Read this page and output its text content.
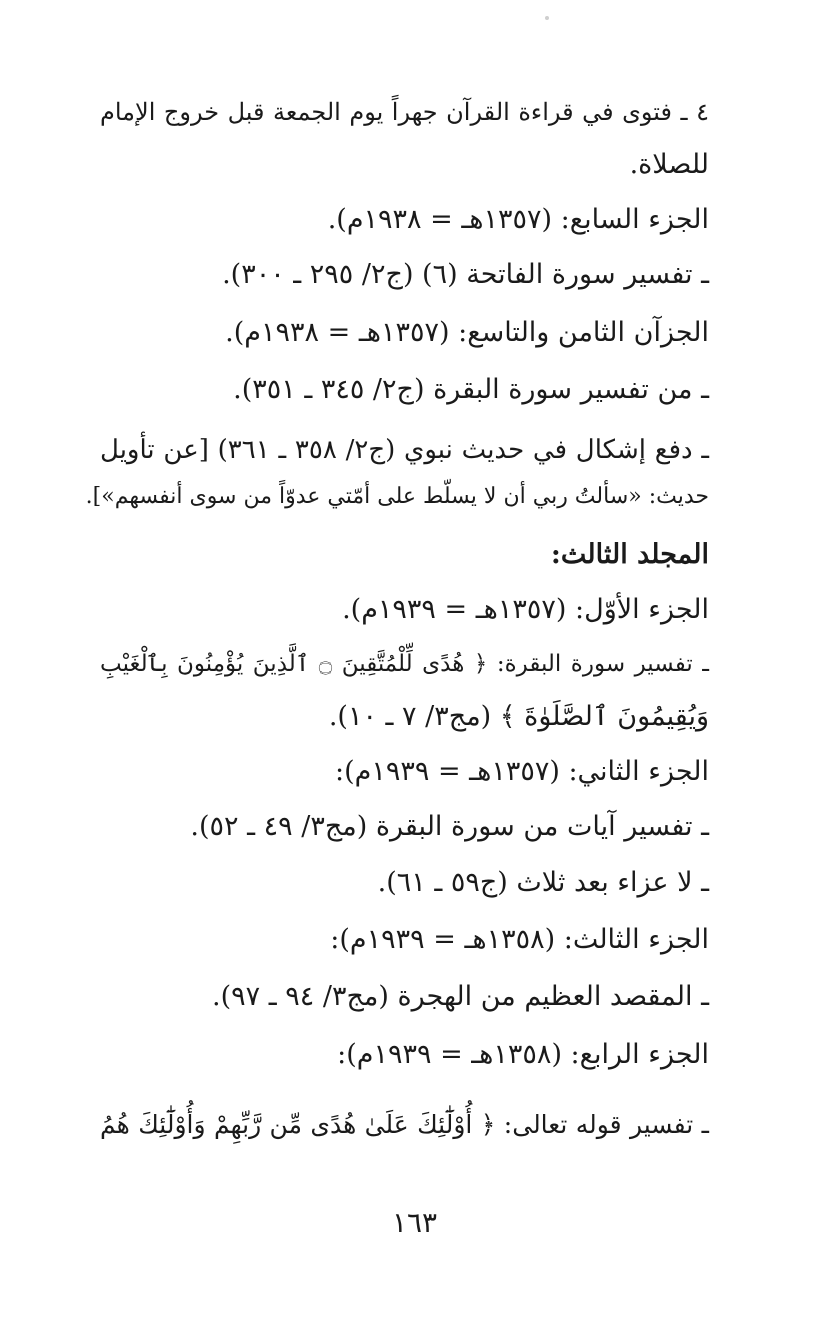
٤ ـ فتوى في قراءة القرآن جهراً يوم الجمعة قبل خروج الإمام
للصلاة.
الجزء السابع: (١٣٥٧هـ = ١٩٣٨م).
ـ تفسير سورة الفاتحة (٦) (ج٢/ ٢٩٥ ـ ٣٠٠).
الجزآن الثامن والتاسع: (١٣٥٧هـ = ١٩٣٨م).
ـ من تفسير سورة البقرة (ج٢/ ٣٤٥ ـ ٣٥١).
ـ دفع إشكال في حديث نبوي (ج٢/ ٣٥٨ ـ ٣٦١) [عن تأويل
حديث: «سألتُ ربي أن لا يسلّط على أمّتي عدوّاً من سوى أنفسهم»].
المجلد الثالث:
الجزء الأوّل: (١٣٥٧هـ = ١٩٣٩م).
ـ تفسير سورة البقرة: ﴿ هُدًى لِّلْمُتَّقِينَ ۝ ٱلَّذِينَ يُؤْمِنُونَ بِٱلْغَيْبِ
وَيُقِيمُونَ ٱلصَّلَوٰةَ ﴾ (مج٣/ ٧ ـ ١٠).
الجزء الثاني: (١٣٥٧هـ = ١٩٣٩م):
ـ تفسير آيات من سورة البقرة (مج٣/ ٤٩ ـ ٥٢).
ـ لا عزاء بعد ثلاث (ج٥٩ ـ ٦١).
الجزء الثالث: (١٣٥٨هـ = ١٩٣٩م):
ـ المقصد العظيم من الهجرة (مج٣/ ٩٤ ـ ٩٧).
الجزء الرابع: (١٣٥٨هـ = ١٩٣٩م):
ـ تفسير قوله تعالى: ﴿ أُوْلَٰٓئِكَ عَلَىٰ هُدًى مِّن رَّبِّهِمْ وَأُوْلَٰٓئِكَ هُمُ
١٦٣
